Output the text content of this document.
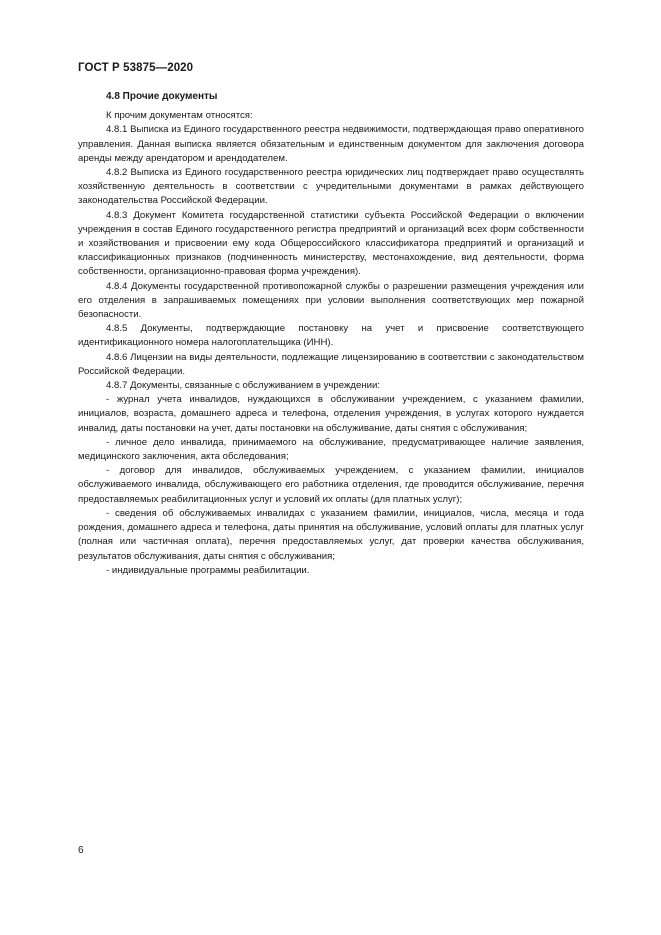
ГОСТ Р 53875—2020
4.8 Прочие документы

К прочим документам относятся:

4.8.1 Выписка из Единого государственного реестра недвижимости, подтверждающая право оперативного управления. Данная выписка является обязательным и единственным документом для заключения договора аренды между арендатором и арендодателем.

4.8.2 Выписка из Единого государственного реестра юридических лиц подтверждает право осуществлять хозяйственную деятельность в соответствии с учредительными документами в рамках действующего законодательства Российской Федерации.

4.8.3 Документ Комитета государственной статистики субъекта Российской Федерации о включении учреждения в состав Единого государственного регистра предприятий и организаций всех форм собственности и хозяйствования и присвоении ему кода Общероссийского классификатора предприятий и организаций и классификационных признаков (подчиненность министерству, местонахождение, вид деятельности, форма собственности, организационно-правовая форма учреждения).

4.8.4 Документы государственной противопожарной службы о разрешении размещения учреждения или его отделения в запрашиваемых помещениях при условии выполнения соответствующих мер пожарной безопасности.

4.8.5 Документы, подтверждающие постановку на учет и присвоение соответствующего идентификационного номера налогоплательщика (ИНН).

4.8.6 Лицензии на виды деятельности, подлежащие лицензированию в соответствии с законодательством Российской Федерации.

4.8.7 Документы, связанные с обслуживанием в учреждении:

- журнал учета инвалидов, нуждающихся в обслуживании учреждением, с указанием фамилии, инициалов, возраста, домашнего адреса и телефона, отделения учреждения, в услугах которого нуждается инвалид, даты постановки на учет, даты постановки на обслуживание, даты снятия с обслуживания;

- личное дело инвалида, принимаемого на обслуживание, предусматривающее наличие заявления, медицинского заключения, акта обследования;

- договор для инвалидов, обслуживаемых учреждением, с указанием фамилии, инициалов обслуживаемого инвалида, обслуживающего его работника отделения, где проводится обслуживание, перечня предоставляемых реабилитационных услуг и условий их оплаты (для платных услуг);

- сведения об обслуживаемых инвалидах с указанием фамилии, инициалов, числа, месяца и года рождения, домашнего адреса и телефона, даты принятия на обслуживание, условий оплаты для платных услуг (полная или частичная оплата), перечня предоставляемых услуг, дат проверки качества обслуживания, результатов обслуживания, даты снятия с обслуживания;

- индивидуальные программы реабилитации.

6
